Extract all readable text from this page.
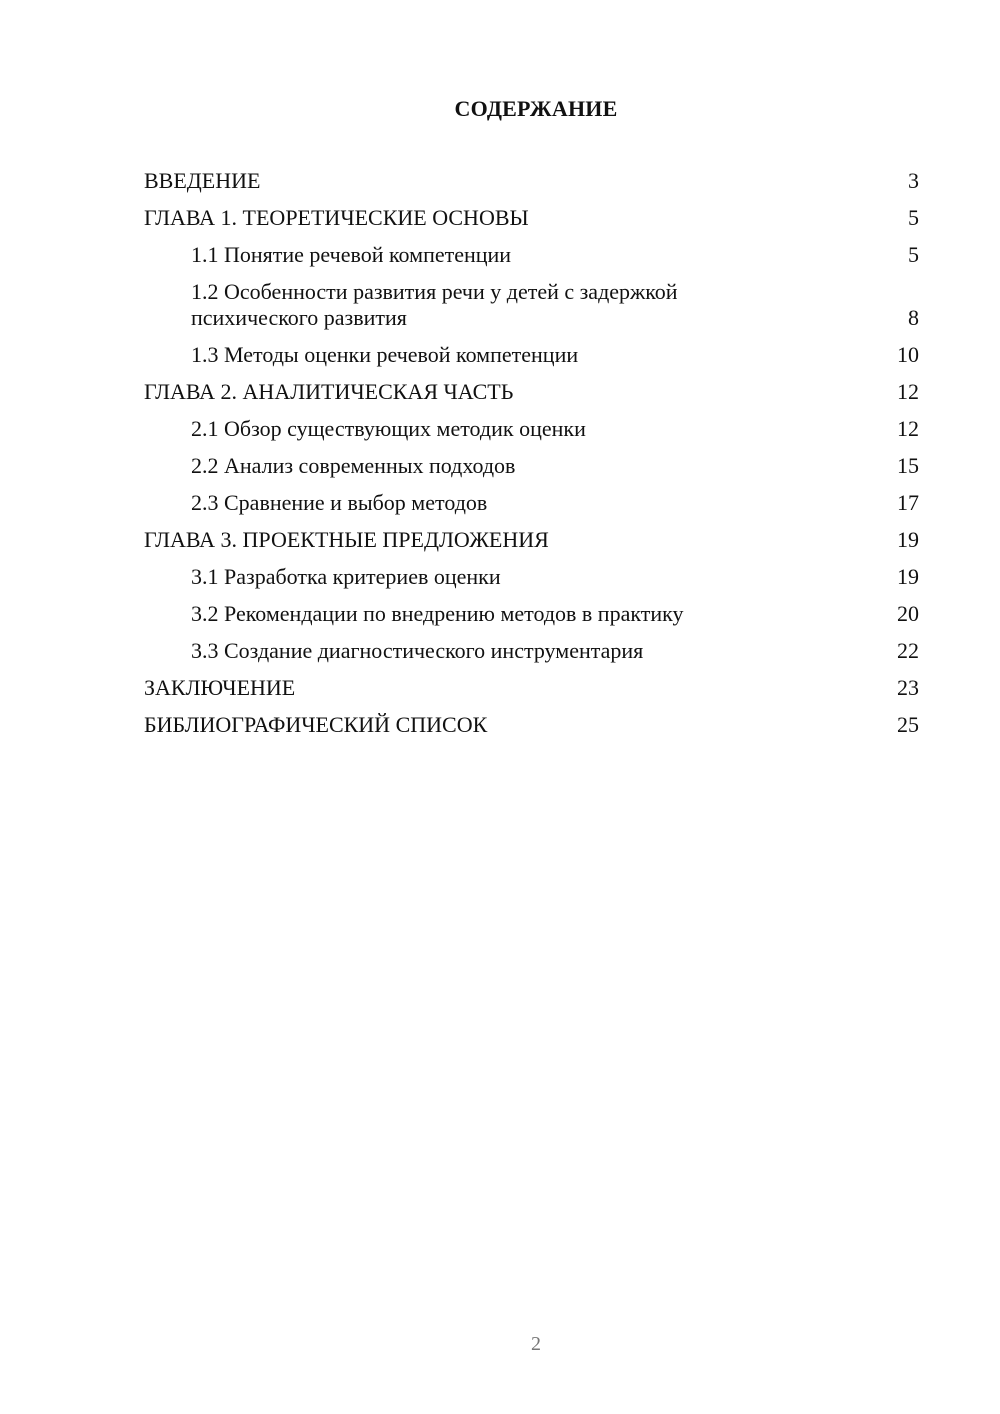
СОДЕРЖАНИЕ
ВВЕДЕНИЕ	3
ГЛАВА 1. ТЕОРЕТИЧЕСКИЕ ОСНОВЫ	5
1.1 Понятие речевой компетенции	5
1.2 Особенности развития речи у детей с задержкой психического развития	8
1.3 Методы оценки речевой компетенции	10
ГЛАВА 2. АНАЛИТИЧЕСКАЯ ЧАСТЬ	12
2.1 Обзор существующих методик оценки	12
2.2 Анализ современных подходов	15
2.3 Сравнение и выбор методов	17
ГЛАВА 3. ПРОЕКТНЫЕ ПРЕДЛОЖЕНИЯ	19
3.1 Разработка критериев оценки	19
3.2 Рекомендации по внедрению методов в практику	20
3.3 Создание диагностического инструментария	22
ЗАКЛЮЧЕНИЕ	23
БИБЛИОГРАФИЧЕСКИЙ СПИСОК	25
2
